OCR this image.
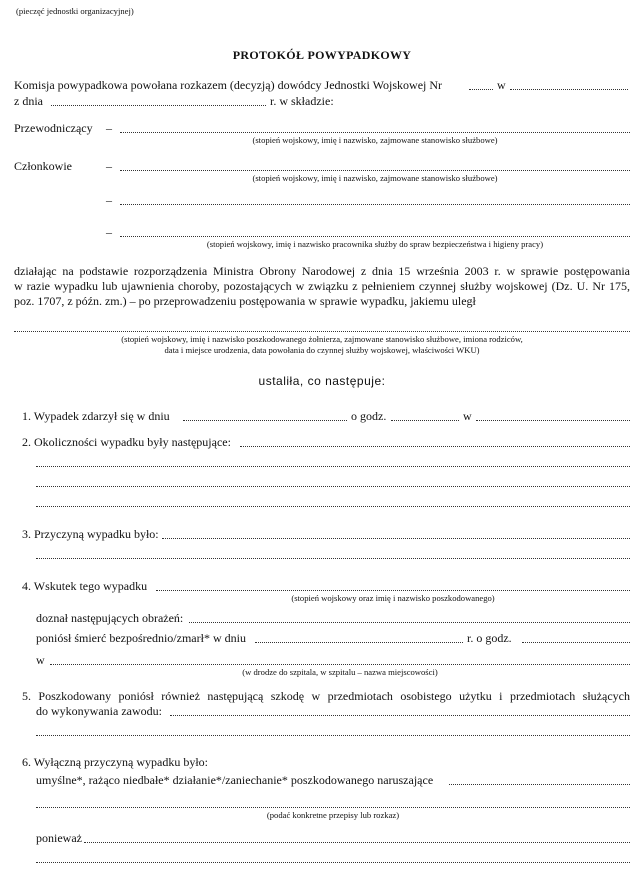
(pieczęć jednostki organizacyjnej)
PROTOKÓŁ POWYPADKOWY
Komisja powypadkowa powołana rozkazem (decyzją) dowódcy Jednostki Wojskowej Nr	w
z dnia	r. w składzie:
Przewodniczący –
(stopień wojskowy, imię i nazwisko, zajmowane stanowisko służbowe)
Członkowie	–
(stopień wojskowy, imię i nazwisko, zajmowane stanowisko służbowe)
–
–
(stopień wojskowy, imię i nazwisko pracownika służby do spraw bezpieczeństwa i higieny pracy)
działając na podstawie rozporządzenia Ministra Obrony Narodowej z dnia 15 września 2003 r. w sprawie postępowania
w razie wypadku lub ujawnienia choroby, pozostających w związku z pełnieniem czynnej służby wojskowej (Dz. U. Nr 175,
poz. 1707, z późn. zm.) – po przeprowadzeniu postępowania w sprawie wypadku, jakiemu uległ
(stopień wojskowy, imię i nazwisko poszkodowanego żołnierza, zajmowane stanowisko służbowe, imiona rodziców,
data i miejsce urodzenia, data powołania do czynnej służby wojskowej, właściwości WKU)
ustaliła, co następuje:
1. Wypadek zdarzył się w dniu	o godz.	w
2. Okoliczności wypadku były następujące:
3. Przyczyną wypadku było:
4. Wskutek tego wypadku
(stopień wojskowy oraz imię i nazwisko poszkodowanego)
doznał następujących obrażeń:
poniósł śmierć bezpośrednio/zmarł* w dniu	r. o godz.
w
(w drodze do szpitala, w szpitalu – nazwa miejscowości)
5. Poszkodowany poniósł również następującą szkodę w przedmiotach osobistego użytku i przedmiotach służących
do wykonywania zawodu:
6. Wyłączną przyczyną wypadku było:
umyślne*, rażąco niedbałe* działanie*/zaniechanie* poszkodowanego naruszające
(podać konkretne przepisy lub rozkaz)
ponieważ
